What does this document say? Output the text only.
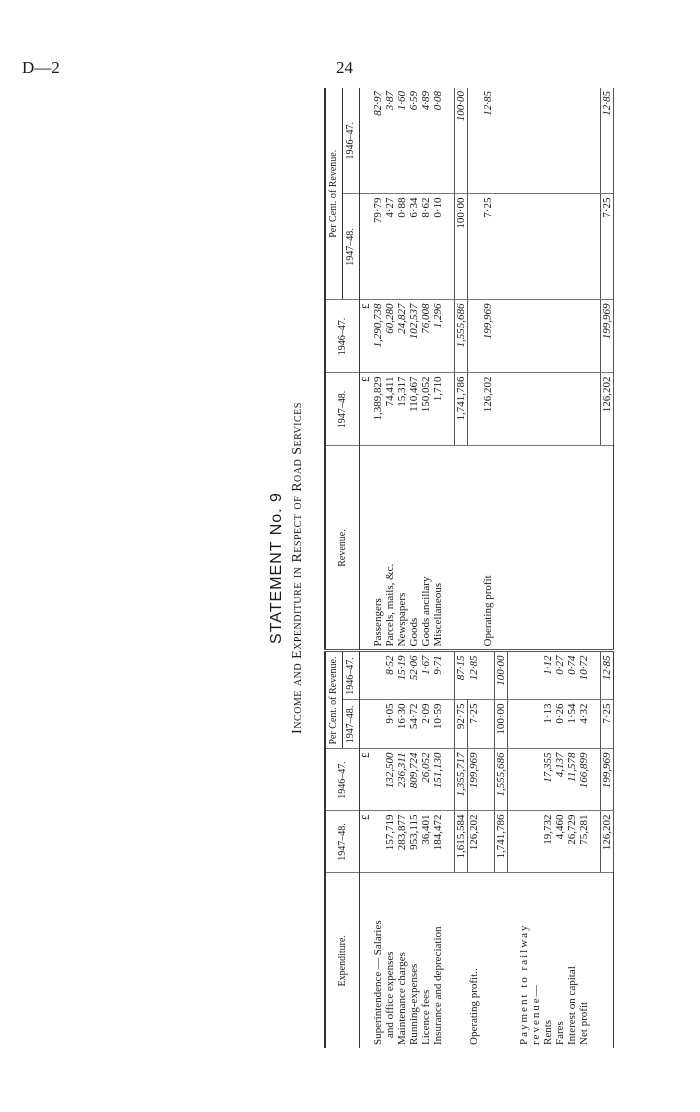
D—2	24
STATEMENT No. 9 Income and Expenditure in Respect of Road Services
Expenditure.	1947–48.	1946–47.	Per Cent. of Revenue.		Revenue.	1947–48.	1946–47.	Per Cent. of Revenue.	
			1947–48.	1946–47.				1947–48.	1946–47.
	£	£				£	£		
Superintendence — Salaries					Passengers	1,389,829	1,290,738	79·79	82·97
and office expenses	157,719	132,500	9·05	8·52	Parcels, mails, &c.	74,411	60,280	4·27	3·87
Maintenance charges	283,877	236,311	16·30	15·19	Newspapers	15,317	24,827	0·88	1·60
Running-expenses	953,115	809,724	54·72	52·06	Goods	110,467	102,537	6·34	6·59
Licence fees	36,401	26,052	2·09	1·67	Goods ancillary	150,052	76,008	8·62	4·89
Insurance and depreciation	184,472	151,130	10·59	9·71	Miscellaneous	1,710	1,296	0·10	0·08

	1,615,584	1,355,717	92·75	87·15		1,741,786	1,555,686	100·00	100·00
Operating profit..	126,202	199,969	7·25	12·85	Operating profit	126,202	199,969	7·25	12·85
	1,741,786	1,555,686	100·00	100·00					

Payment to railway revenue—									
Rents	19,732	17,355	1·13	1·12					
Fares	4,460	4,137	0·26	0·27					
Interest on capital	26,729	11,578	1·54	0·74					
Net profit	75,281	166,899	4·32	10·72					

	126,202	199,969	7·25	12·85		126,202	199,969	7·25	12·85
